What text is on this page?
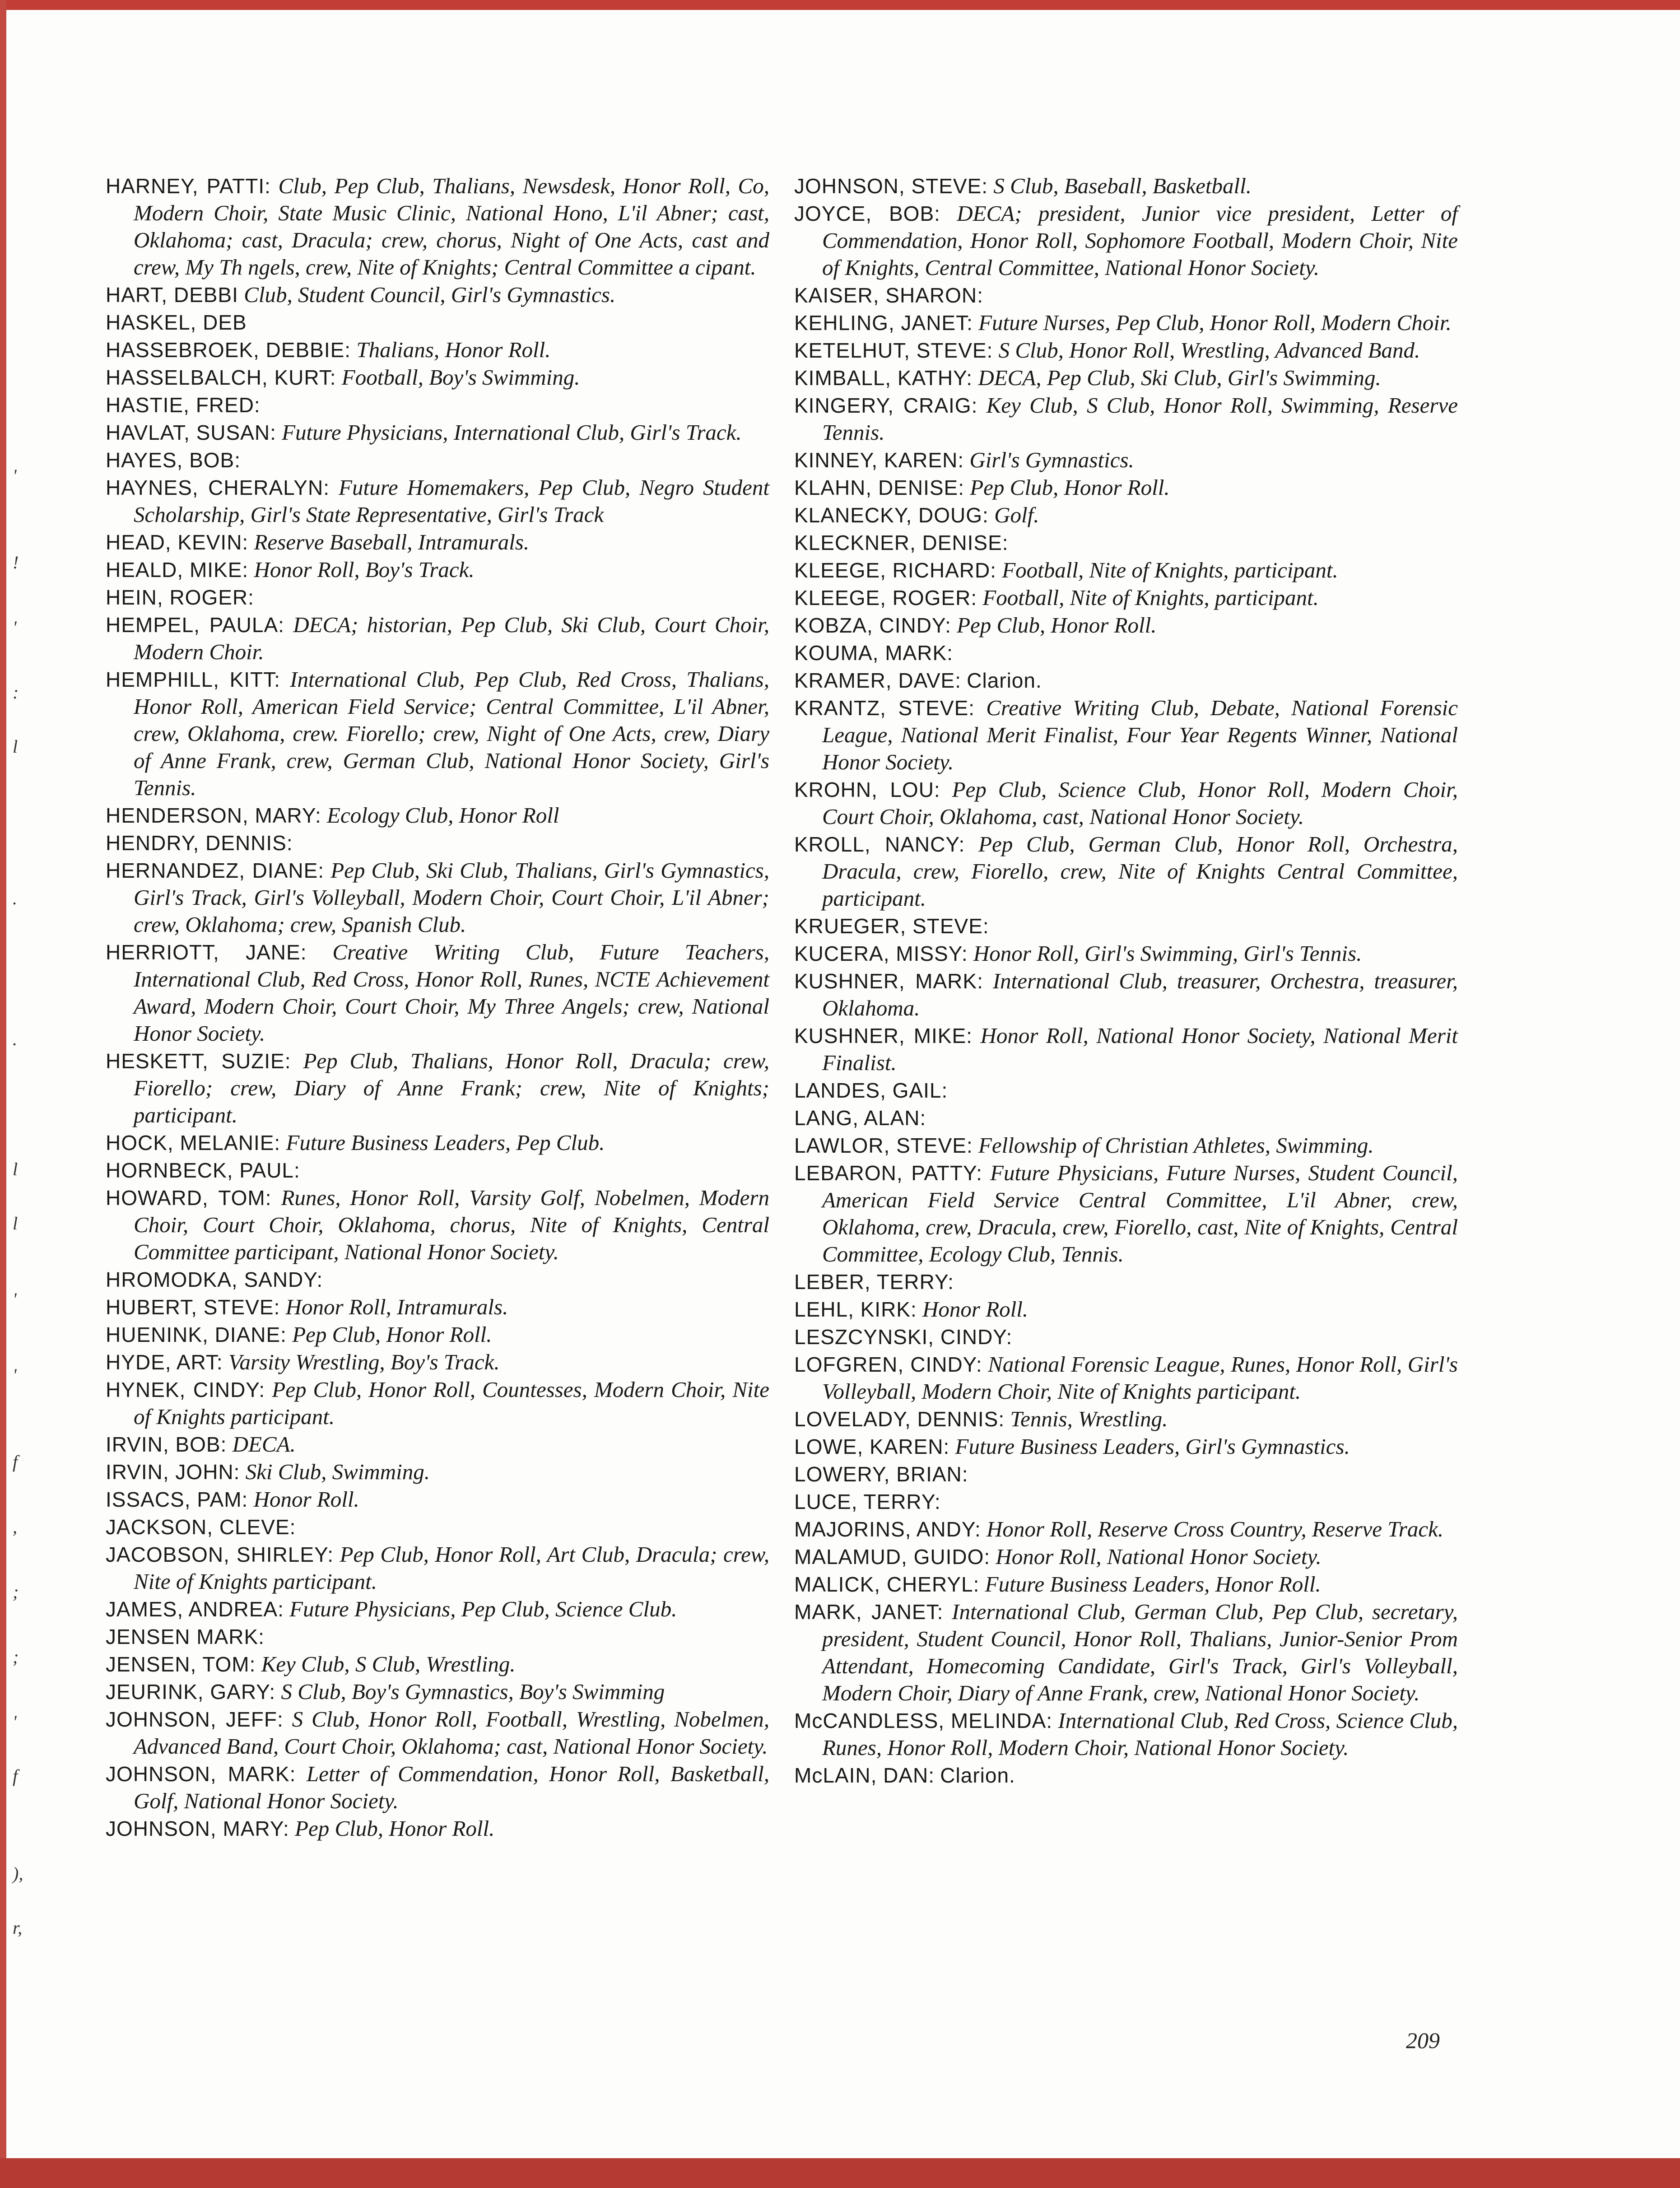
'
!
'
:
l
.
.
l
l
'
'
f
,
;
;
'
f
),
r,

HARNEY, PATTI: Club, Pep Club, Thalians, Newsdesk, Honor Roll, Co, Modern Choir, State Music Clinic, National Hono, L'il Abner; cast, Oklahoma; cast, Dracula; crew, chorus, Night of One Acts, cast and crew, My Th ngels, crew, Nite of Knights; Central Committee a cipant.

HART, DEBBI Club, Student Council, Girl's Gymnastics.

HASKEL, DEB

HASSEBROEK, DEBBIE: Thalians, Honor Roll.

HASSELBALCH, KURT: Football, Boy's Swimming.

HASTIE, FRED:

HAVLAT, SUSAN: Future Physicians, International Club, Girl's Track.

HAYES, BOB:

HAYNES, CHERALYN: Future Homemakers, Pep Club, Negro Student Scholarship, Girl's State Representative, Girl's Track

HEAD, KEVIN: Reserve Baseball, Intramurals.

HEALD, MIKE: Honor Roll, Boy's Track.

HEIN, ROGER:

HEMPEL, PAULA: DECA; historian, Pep Club, Ski Club, Court Choir, Modern Choir.

HEMPHILL, KITT: International Club, Pep Club, Red Cross, Thalians, Honor Roll, American Field Service; Central Committee, L'il Abner, crew, Oklahoma, crew. Fiorello; crew, Night of One Acts, crew, Diary of Anne Frank, crew, German Club, National Honor Society, Girl's Tennis.

HENDERSON, MARY: Ecology Club, Honor Roll

HENDRY, DENNIS:

HERNANDEZ, DIANE: Pep Club, Ski Club, Thalians, Girl's Gymnastics, Girl's Track, Girl's Volleyball, Modern Choir, Court Choir, L'il Abner; crew, Oklahoma; crew, Spanish Club.

HERRIOTT, JANE: Creative Writing Club, Future Teachers, International Club, Red Cross, Honor Roll, Runes, NCTE Achievement Award, Modern Choir, Court Choir, My Three Angels; crew, National Honor Society.

HESKETT, SUZIE: Pep Club, Thalians, Honor Roll, Dracula; crew, Fiorello; crew, Diary of Anne Frank; crew, Nite of Knights; participant.

HOCK, MELANIE: Future Business Leaders, Pep Club.

HORNBECK, PAUL:

HOWARD, TOM: Runes, Honor Roll, Varsity Golf, Nobelmen, Modern Choir, Court Choir, Oklahoma, chorus, Nite of Knights, Central Committee participant, National Honor Society.

HROMODKA, SANDY:

HUBERT, STEVE: Honor Roll, Intramurals.

HUENINK, DIANE: Pep Club, Honor Roll.

HYDE, ART: Varsity Wrestling, Boy's Track.

HYNEK, CINDY: Pep Club, Honor Roll, Countesses, Modern Choir, Nite of Knights participant.

IRVIN, BOB: DECA.

IRVIN, JOHN: Ski Club, Swimming.

ISSACS, PAM: Honor Roll.

JACKSON, CLEVE:

JACOBSON, SHIRLEY: Pep Club, Honor Roll, Art Club, Dracula; crew, Nite of Knights participant.

JAMES, ANDREA: Future Physicians, Pep Club, Science Club.

JENSEN MARK:

JENSEN, TOM: Key Club, S Club, Wrestling.

JEURINK, GARY: S Club, Boy's Gymnastics, Boy's Swimming

JOHNSON, JEFF: S Club, Honor Roll, Football, Wrestling, Nobelmen, Advanced Band, Court Choir, Oklahoma; cast, National Honor Society.

JOHNSON, MARK: Letter of Commendation, Honor Roll, Basketball, Golf, National Honor Society.

JOHNSON, MARY: Pep Club, Honor Roll.

JOHNSON, STEVE: S Club, Baseball, Basketball.

JOYCE, BOB: DECA; president, Junior vice president, Letter of Commendation, Honor Roll, Sophomore Football, Modern Choir, Nite of Knights, Central Committee, National Honor Society.

KAISER, SHARON:

KEHLING, JANET: Future Nurses, Pep Club, Honor Roll, Modern Choir.

KETELHUT, STEVE: S Club, Honor Roll, Wrestling, Advanced Band.

KIMBALL, KATHY: DECA, Pep Club, Ski Club, Girl's Swimming.

KINGERY, CRAIG: Key Club, S Club, Honor Roll, Swimming, Reserve Tennis.

KINNEY, KAREN: Girl's Gymnastics.

KLAHN, DENISE: Pep Club, Honor Roll.

KLANECKY, DOUG: Golf.

KLECKNER, DENISE:

KLEEGE, RICHARD: Football, Nite of Knights, participant.

KLEEGE, ROGER: Football, Nite of Knights, participant.

KOBZA, CINDY: Pep Club, Honor Roll.

KOUMA, MARK:

KRAMER, DAVE: Clarion.

KRANTZ, STEVE: Creative Writing Club, Debate, National Forensic League, National Merit Finalist, Four Year Regents Winner, National Honor Society.

KROHN, LOU: Pep Club, Science Club, Honor Roll, Modern Choir, Court Choir, Oklahoma, cast, National Honor Society.

KROLL, NANCY: Pep Club, German Club, Honor Roll, Orchestra, Dracula, crew, Fiorello, crew, Nite of Knights Central Committee, participant.

KRUEGER, STEVE:

KUCERA, MISSY: Honor Roll, Girl's Swimming, Girl's Tennis.

KUSHNER, MARK: International Club, treasurer, Orchestra, treasurer, Oklahoma.

KUSHNER, MIKE: Honor Roll, National Honor Society, National Merit Finalist.

LANDES, GAIL:

LANG, ALAN:

LAWLOR, STEVE: Fellowship of Christian Athletes, Swimming.

LEBARON, PATTY: Future Physicians, Future Nurses, Student Council, American Field Service Central Committee, L'il Abner, crew, Oklahoma, crew, Dracula, crew, Fiorello, cast, Nite of Knights, Central Committee, Ecology Club, Tennis.

LEBER, TERRY:

LEHL, KIRK: Honor Roll.

LESZCYNSKI, CINDY:

LOFGREN, CINDY: National Forensic League, Runes, Honor Roll, Girl's Volleyball, Modern Choir, Nite of Knights participant.

LOVELADY, DENNIS: Tennis, Wrestling.

LOWE, KAREN: Future Business Leaders, Girl's Gymnastics.

LOWERY, BRIAN:

LUCE, TERRY:

MAJORINS, ANDY: Honor Roll, Reserve Cross Country, Reserve Track.

MALAMUD, GUIDO: Honor Roll, National Honor Society.

MALICK, CHERYL: Future Business Leaders, Honor Roll.

MARK, JANET: International Club, German Club, Pep Club, secretary, president, Student Council, Honor Roll, Thalians, Junior-Senior Prom Attendant, Homecoming Candidate, Girl's Track, Girl's Volleyball, Modern Choir, Diary of Anne Frank, crew, National Honor Society.

McCANDLESS, MELINDA: International Club, Red Cross, Science Club, Runes, Honor Roll, Modern Choir, National Honor Society.

McLAIN, DAN: Clarion.

209
